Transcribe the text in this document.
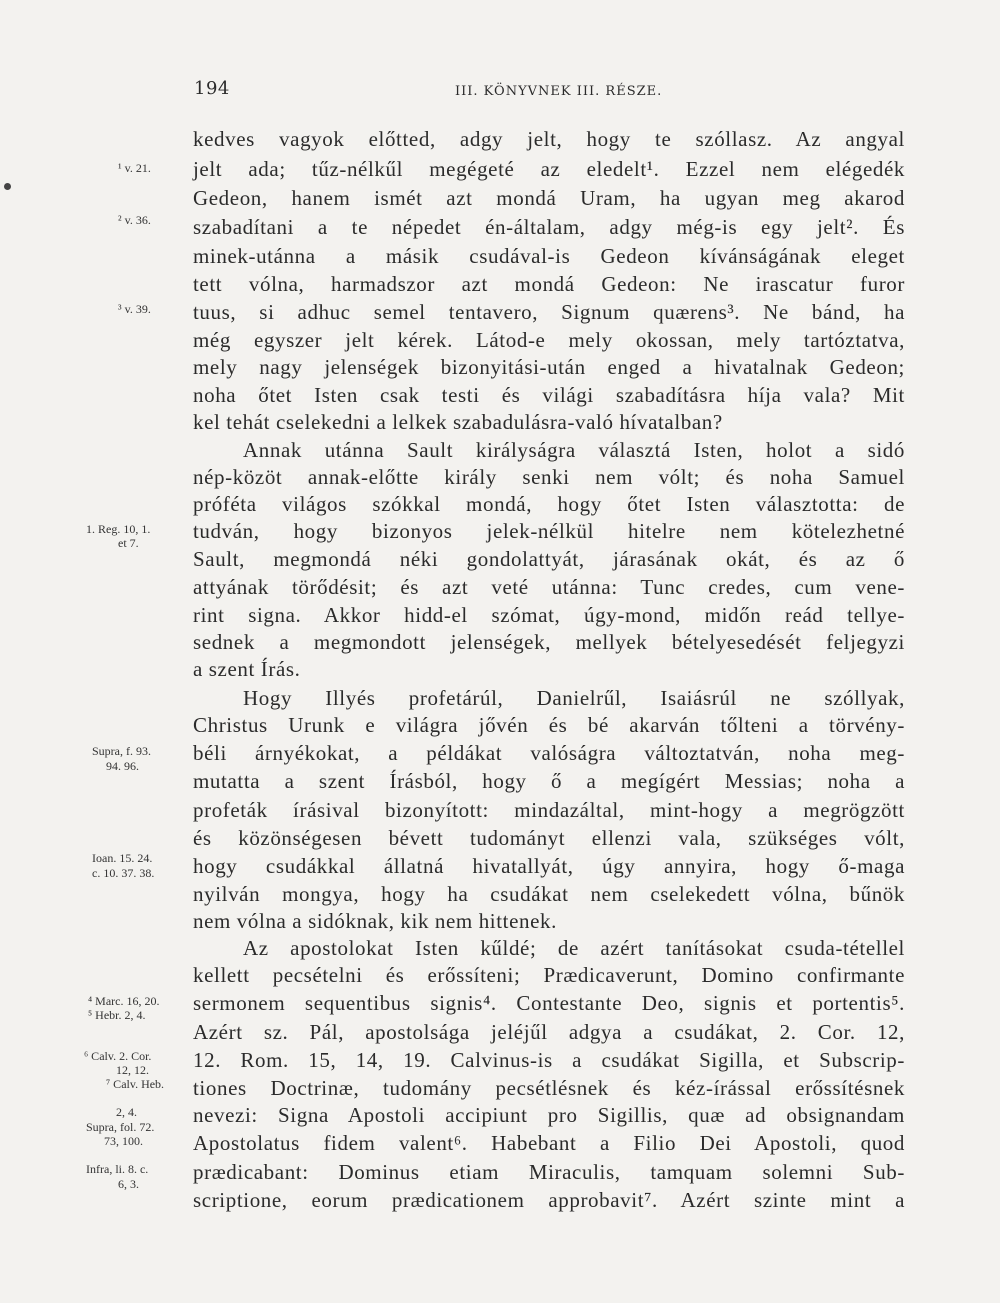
194	III. KÖNYVNEK III. RÉSZE.
kedves vagyok előtted, adgy jelt, hogy te szóllasz. Az angyal
jelt ada; tűz-nélkűl megégeté az eledelt¹. Ezzel nem elégedék
Gedeon, hanem ismét azt mondá Uram, ha ugyan meg akarod
szabadítani a te népedet én-általam, adgy még-is egy jelt². És
minek-utánna a másik csudával-is Gedeon kívánságának eleget
tett vólna, harmadszor azt mondá Gedeon: Ne irascatur furor
tuus, si adhuc semel tentavero, Signum quærens³. Ne bánd, ha
még egyszer jelt kérek. Látod-e mely okossan, mely tartóztatva,
mely nagy jelenségek bizonyitási-után enged a hivatalnak Gedeon;
noha őtet Isten csak testi és világi szabadításra híja vala? Mit
kel tehát cselekedni a lelkek szabadulásra-való hívatalban?
Annak utánna Sault királyságra választá Isten, holot a sidó
nép-közöt annak-előtte király senki nem vólt; és noha Samuel
próféta világos szókkal mondá, hogy őtet Isten választotta: de
tudván, hogy bizonyos jelek-nélkül hitelre nem kötelezhetné
Sault, megmondá néki gondolattyát, járasának okát, és az ő
attyának törődésit; és azt veté utánna: Tunc credes, cum vene-
rint signa. Akkor hidd-el szómat, úgy-mond, midőn reád tellye-
sednek a megmondott jelenségek, mellyek bételyesedését feljegyzi
a szent Írás.
Hogy Illyés profetárúl, Danielrűl, Isaiásrúl ne szóllyak,
Christus Urunk e világra jővén és bé akarván tőlteni a törvény-
béli árnyékokat, a példákat valóságra változtatván, noha meg-
mutatta a szent Írásból, hogy ő a megígért Messias; noha a
profeták írásival bizonyított: mindazáltal, mint-hogy a megrögzött
és közönségesen bévett tudományt ellenzi vala, szükséges vólt,
hogy csudákkal állatná hivatallyát, úgy annyira, hogy ő-maga
nyilván mongya, hogy ha csudákat nem cselekedett vólna, bűnök
nem vólna a sidóknak, kik nem hittenek.
Az apostolokat Isten kűldé; de azért tanításokat csuda-tétellel
kellett pecsételni és erőssíteni; Prædicaverunt, Domino confirmante
sermonem sequentibus signis⁴. Contestante Deo, signis et portentis⁵.
Azért sz. Pál, apostolsága jeléjűl adgya a csudákat, 2. Cor. 12,
12. Rom. 15, 14, 19. Calvinus-is a csudákat Sigilla, et Subscrip-
tiones Doctrinæ, tudomány pecsétlésnek és kéz-írással erőssítésnek
nevezi: Signa Apostoli accipiunt pro Sigillis, quæ ad obsignandam
Apostolatus fidem valent⁶. Habebant a Filio Dei Apostoli, quod
prædicabant: Dominus etiam Miraculis, tamquam solemni Sub-
scriptione, eorum prædicationem approbavit⁷. Azért szinte mint a
¹ v. 21.
² v. 36.
³ v. 39.
1. Reg. 10, 1.
et 7.
Supra, f. 93.
94. 96.
Ioan. 15. 24.
c. 10. 37. 38.
⁴ Marc. 16, 20.
⁵ Hebr. 2, 4.
⁶ Calv. 2. Cor.
12, 12.
⁷ Calv. Heb.
2, 4.
Supra, fol. 72.
73, 100.
Infra, li. 8. c.
6, 3.
